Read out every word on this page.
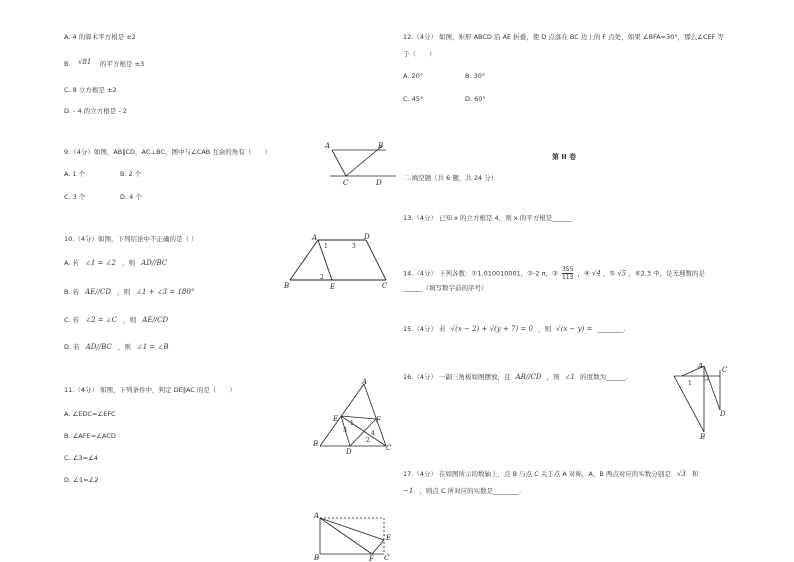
A. 4 的算术平方根是 ±2
B. √81 的平方根是 ±3
C. 8 立方根是 ±2
D. - 4 的立方根是 - 2
9.（4分）如图，AB∥CD，AC⊥BC，图中与∠CAB 互余的角有（　　）
A. 1 个	B. 2 个
C. 3 个	D. 4 个
10.（4分）如图，下列结论中不正确的是（ ）
A. 若 ∠1 = ∠2 ，则 AD//BC
B. 若 AE//CD ，则 ∠1 + ∠3 = 180°
C. 若 ∠2 = ∠C ，则 AE//CD
D. 若 AD//BC ，则 ∠1 = ∠B
11.（4分） 如图，下列条件中，判定 DE∥AC 的是（　　）
A. ∠EDC=∠EFC
B. ∠AFE=∠ACD
C. ∠3=∠4
D. ∠1=∠2
A	B
C	D
A	D
B	E	C
1
2
3
A
E	F
B
D	C
1
2
3	4
A
B	F C
E
12.（4分） 如图，矩形 ABCD 沿 AE 折叠，使 D 点落在 BC 边上的 F 点处，如果 ∠BFA=30°，那么∠CEF 等
于（　　）
A. 20°	B. 30°
C. 45°	D. 60°
第 II 卷
二.填空题（共 6 题，共 24 分）
13.（4分） 已知 x 的立方根是 4，则 x 的平方根是______.
14.（4分） 下列各数：①1.010010001，②-2 π，③ $\frac{355}{113}$ ，④ √4 ，⑤ √5 ，⑥2.3 中，是无理数的是
______（填写数字前的序号）
15.（4分） 若 √(x − 2) + √(y + 7) = 0 ，则 √(x − y) = ________.
16.（4分） 一副三角板如图摆放，且 AB//CD ，则 ∠1 的度数为______.
A
B
C
D
1
17.（4分） 在如图所示的数轴上，点 B 与点 C 关于点 A 对称，A，B 两点对应的实数分别是 √3 和
−1 ，则点 C 所对应的实数是________.
